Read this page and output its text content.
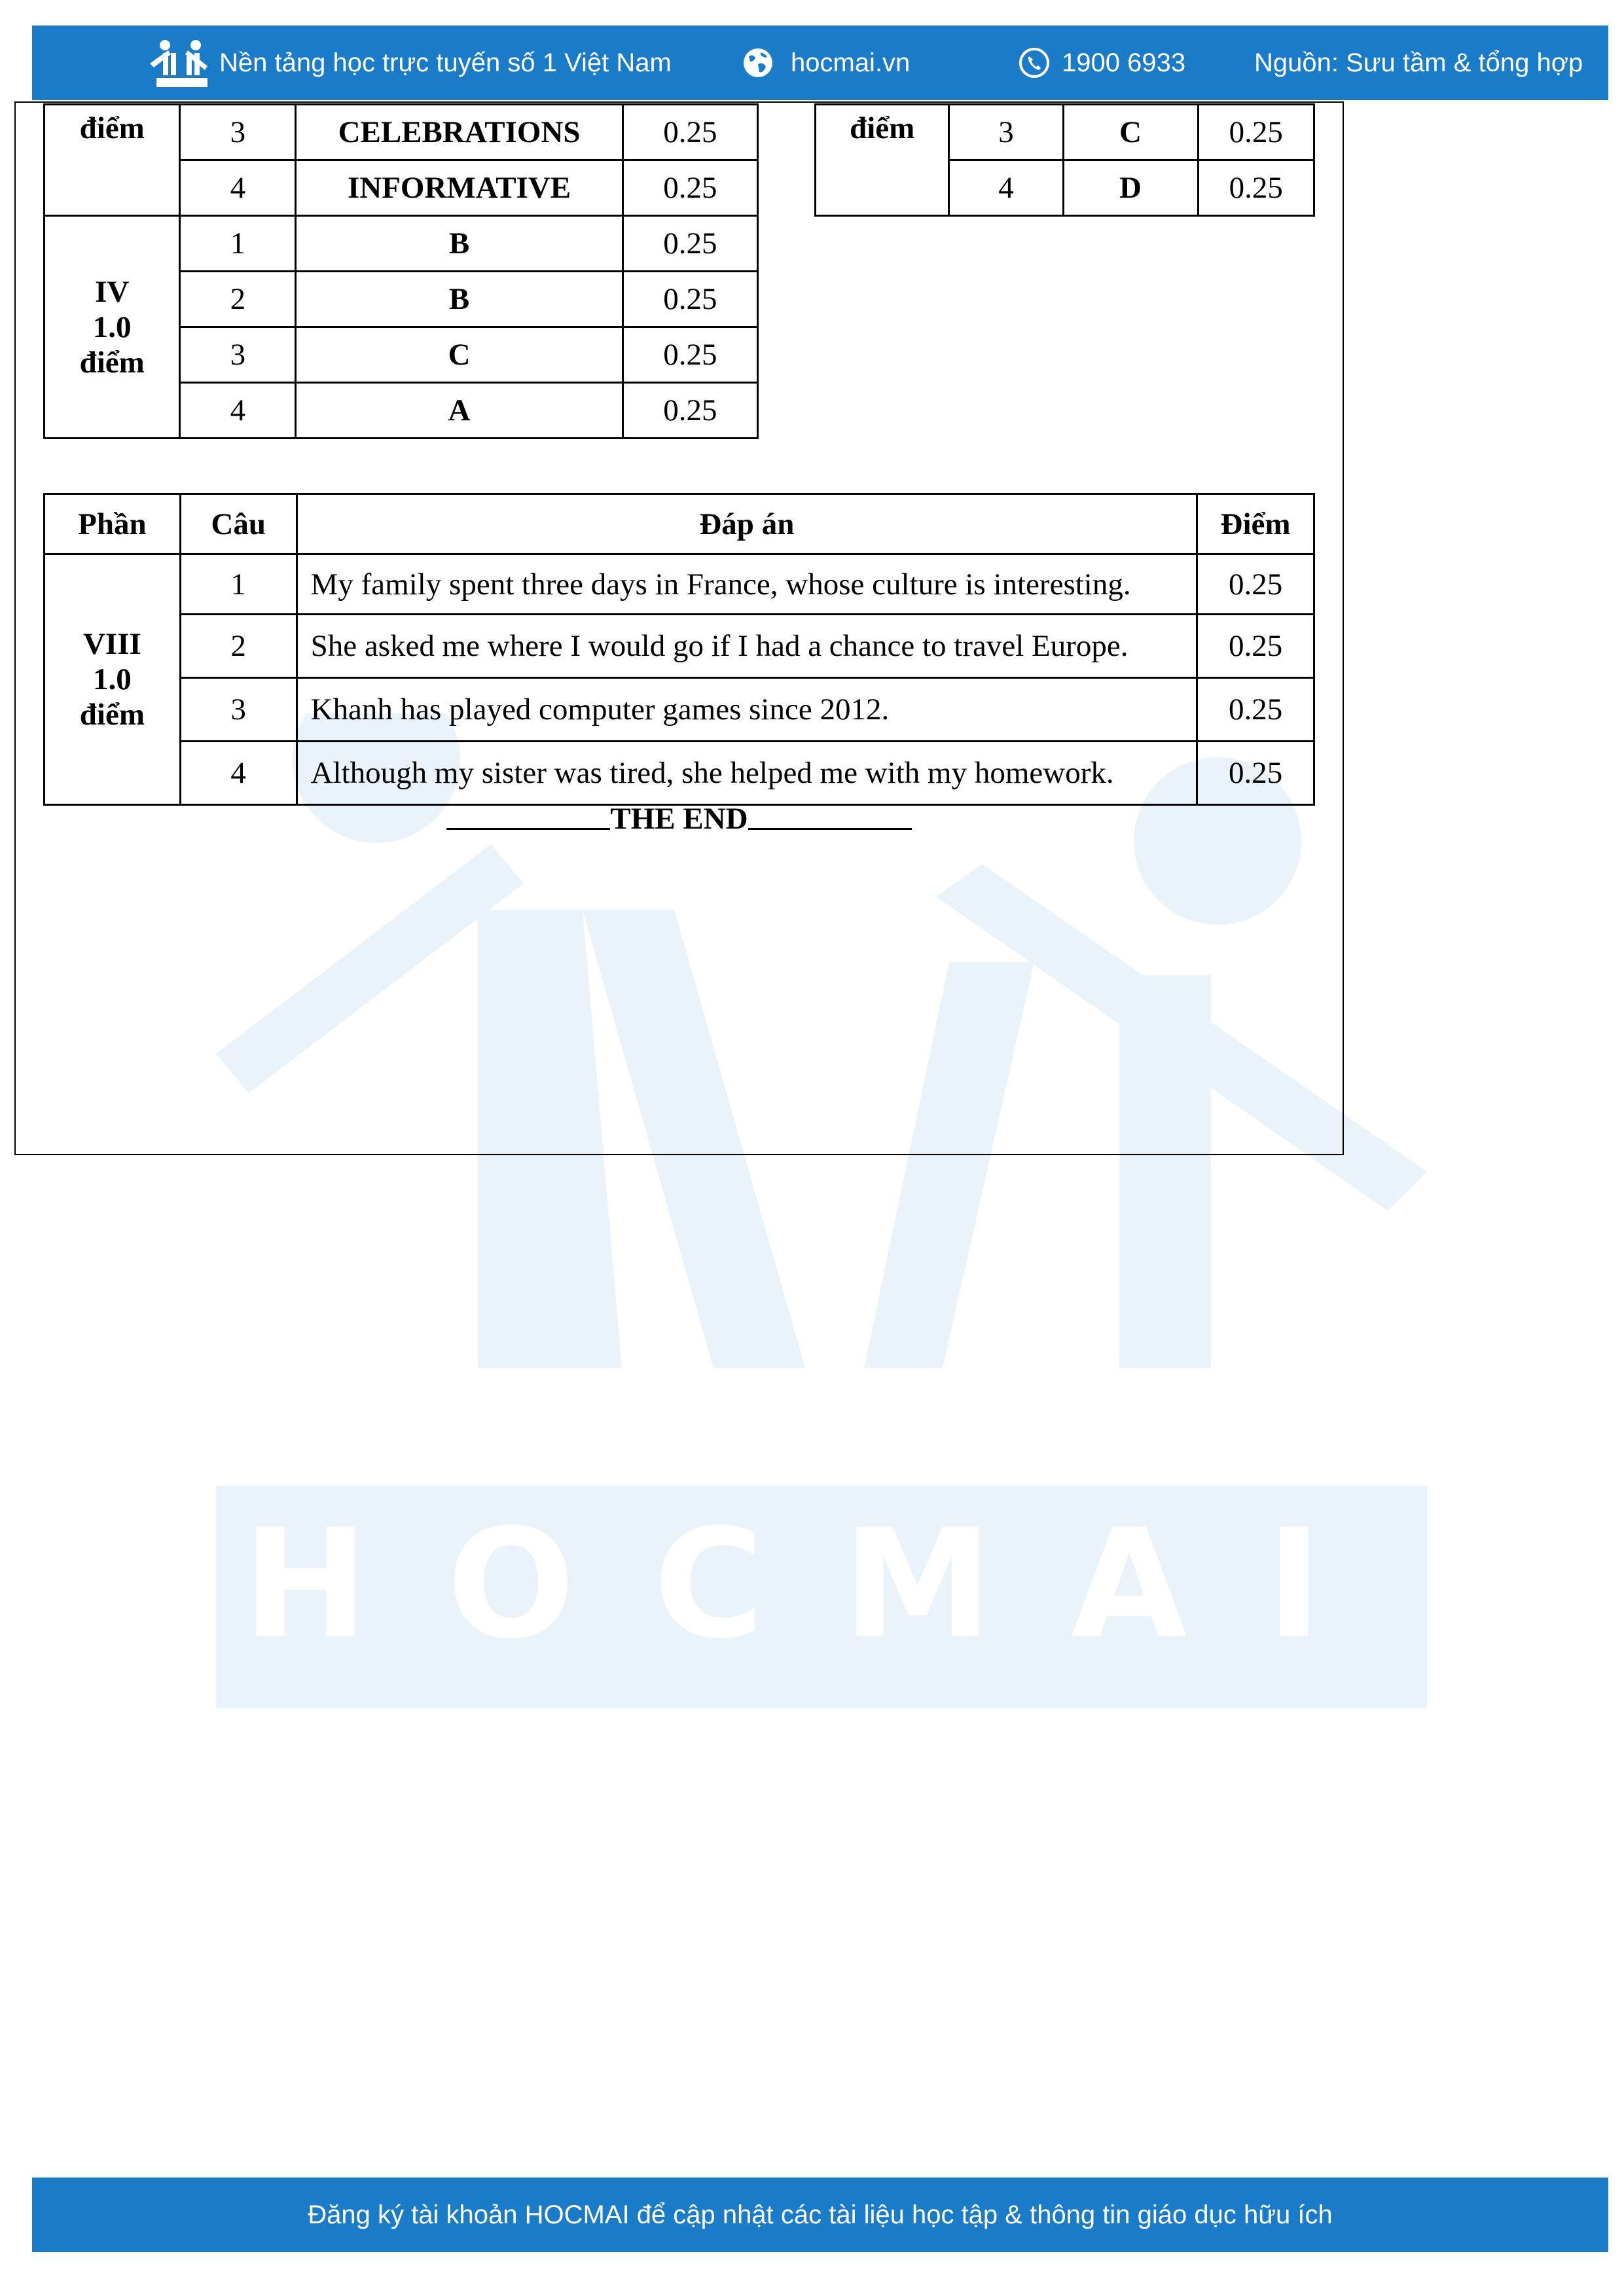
HOCMAI
Nền tảng học trực tuyến số 1 Việt Nam	hocmai.vn	1900 6933	Nguồn: Sưu tầm & tổng hợp
điểm	3	CELEBRATIONS	0.25
	4	INFORMATIVE	0.25

IV
1.0
điểm	1	B	0.25
	2	B	0.25
	3	C	0.25
	4	A	0.25
điểm	3	C	0.25
	4	D	0.25
Phần	Câu	Đáp án	Điểm

VIII
1.0
điểm	1	My family spent three days in France, whose culture is interesting.	0.25
	2	She asked me where I would go if I had a chance to travel Europe.	0.25
	3	Khanh has played computer games since 2012.	0.25
	4	Although my sister was tired, she helped me with my homework.	0.25
THE END
Đăng ký tài khoản HOCMAI để cập nhật các tài liệu học tập & thông tin giáo dục hữu ích
